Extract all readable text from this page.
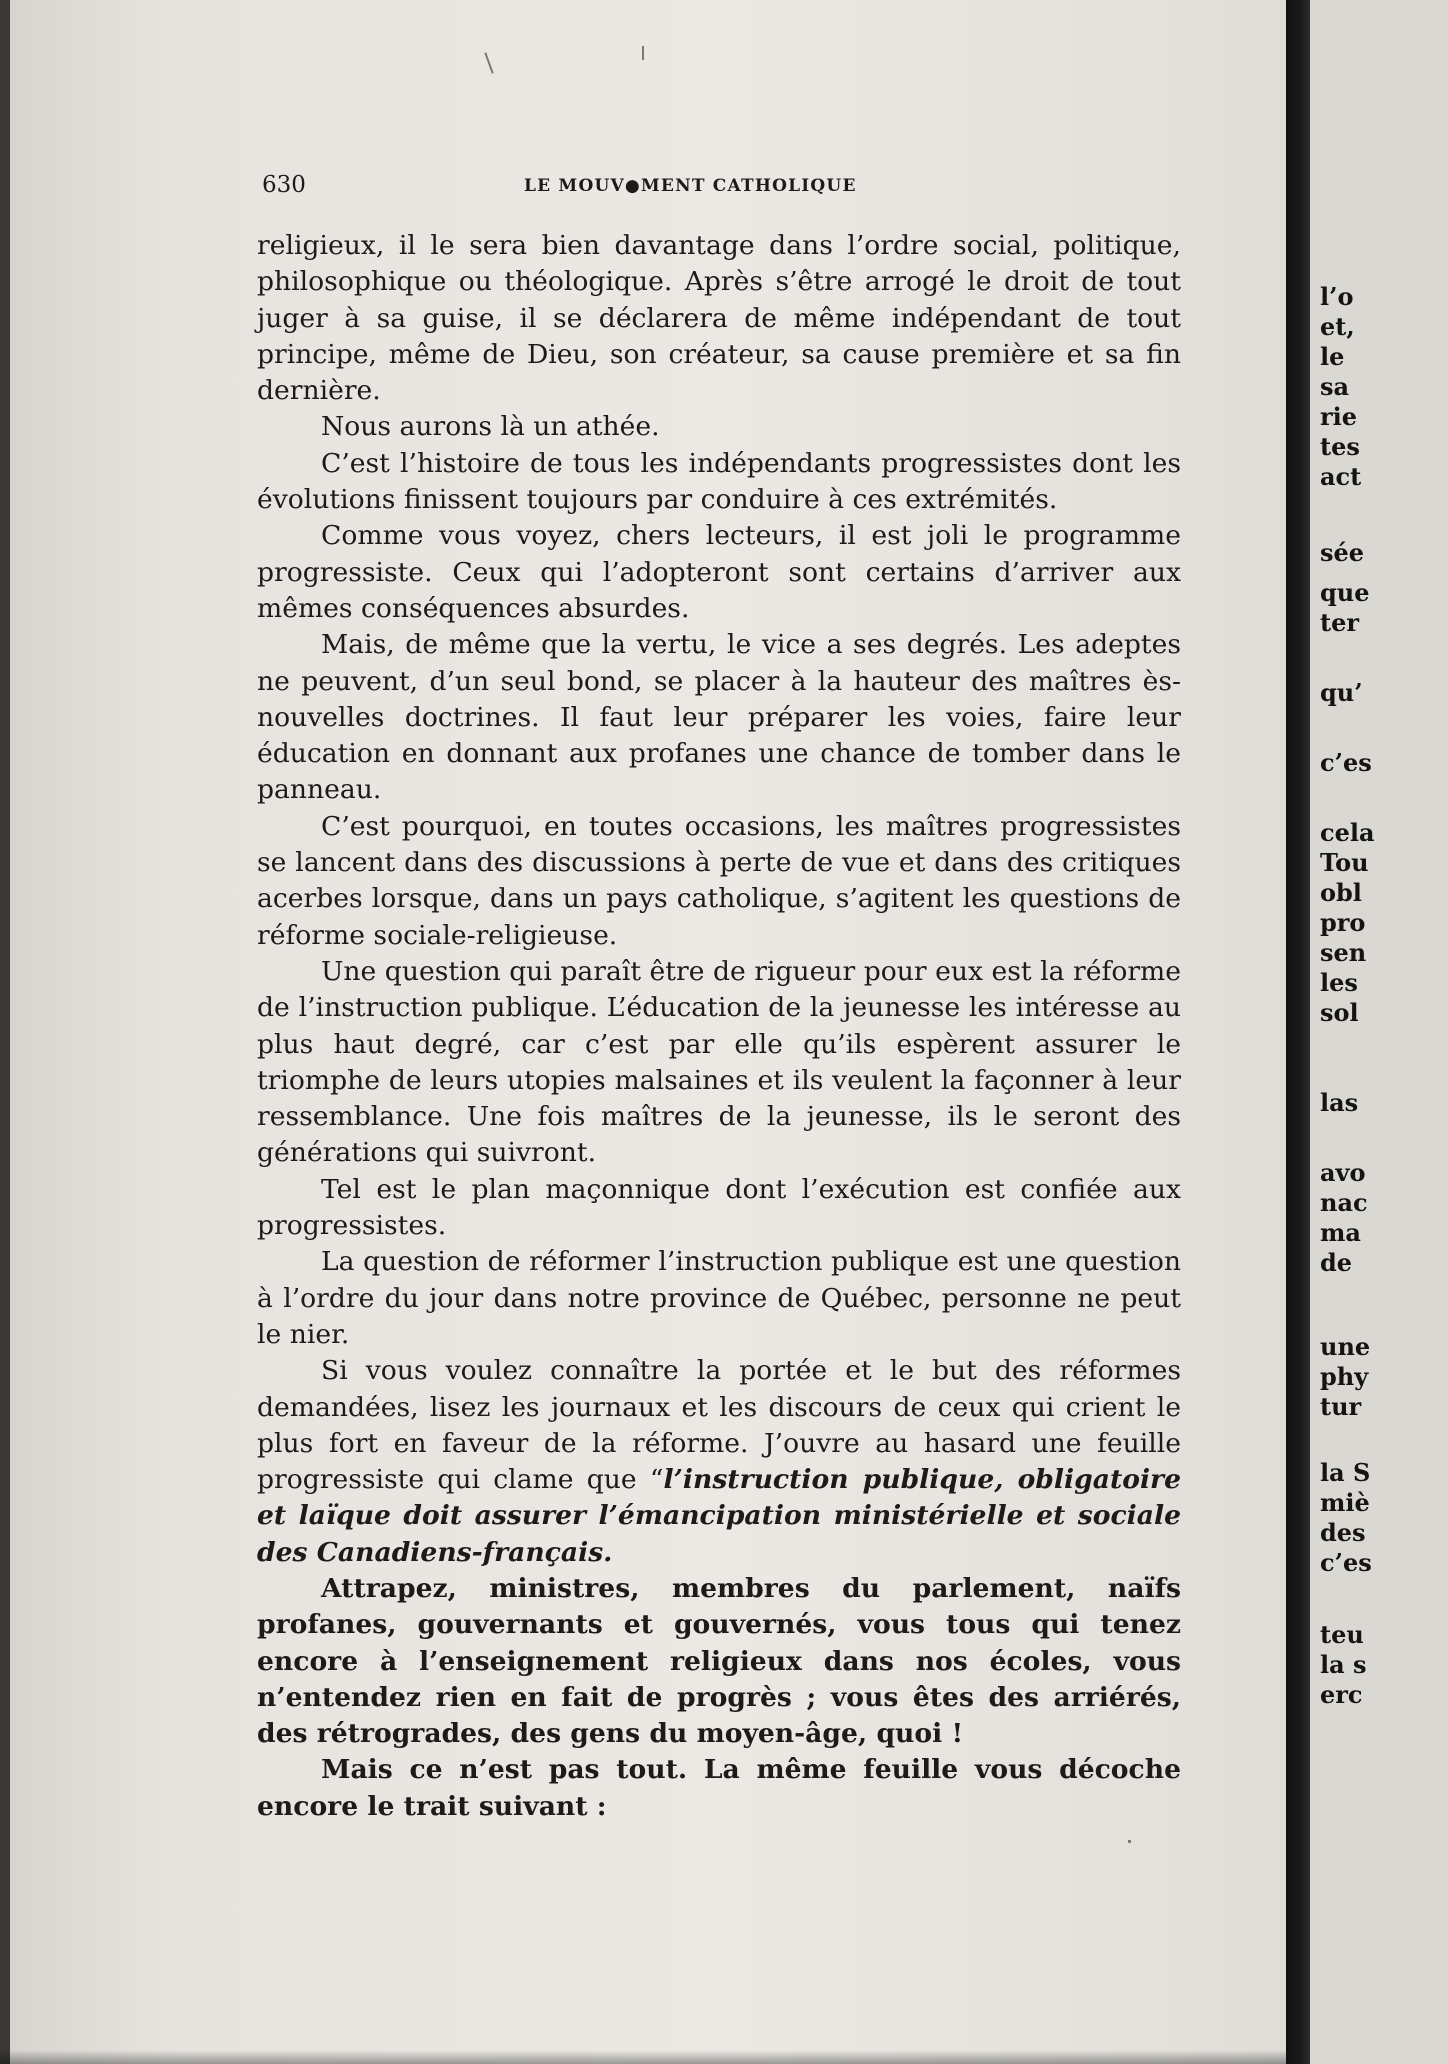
630	LE MOUV●MENT CATHOLIQUE

religieux, il le sera bien davantage dans l’ordre social, politique, philosophique ou théologique. Après s’être arrogé le droit de tout juger à sa guise, il se déclarera de même indépendant de tout principe, même de Dieu, son créateur, sa cause première et sa fin dernière.

Nous aurons là un athée.

C’est l’histoire de tous les indépendants progressistes dont les évolutions finissent toujours par conduire à ces extrémités.

Comme vous voyez, chers lecteurs, il est joli le programme progressiste. Ceux qui l’adopteront sont certains d’arriver aux mêmes conséquences absurdes.

Mais, de même que la vertu, le vice a ses degrés. Les adeptes ne peuvent, d’un seul bond, se placer à la hauteur des maîtres ès-nouvelles doctrines. Il faut leur préparer les voies, faire leur éducation en donnant aux profanes une chance de tomber dans le panneau.

C’est pourquoi, en toutes occasions, les maîtres progressistes se lancent dans des discussions à perte de vue et dans des critiques acerbes lorsque, dans un pays catholique, s’agitent les questions de réforme sociale-religieuse.

Une question qui paraît être de rigueur pour eux est la réforme de l’instruction publique. L’éducation de la jeunesse les intéresse au plus haut degré, car c’est par elle qu’ils espèrent assurer le triomphe de leurs utopies malsaines et ils veulent la façonner à leur ressemblance. Une fois maîtres de la jeunesse, ils le seront des générations qui suivront.

Tel est le plan maçonnique dont l’exécution est confiée aux progressistes.

La question de réformer l’instruction publique est une question à l’ordre du jour dans notre province de Québec, personne ne peut le nier.

Si vous voulez connaître la portée et le but des réformes demandées, lisez les journaux et les discours de ceux qui crient le plus fort en faveur de la réforme. J’ouvre au hasard une feuille progressiste qui clame que “l’instruction publique, obligatoire et laïque doit assurer l’émancipation ministérielle et sociale des Canadiens-français.

Attrapez, ministres, membres du parlement, naïfs profanes, gouvernants et gouvernés, vous tous qui tenez encore à l’enseignement religieux dans nos écoles, vous n’entendez rien en fait de progrès ; vous êtes des arriérés, des rétrogrades, des gens du moyen-âge, quoi !

Mais ce n’est pas tout. La même feuille vous décoche encore le trait suivant :

l’o
et,
le
sa
rie
tes
act
sée
que
ter
qu’
c’es
cela
Tou
obl
pro
sen
les
sol
las
avo
nac
ma
de
une
phy
tur
la S
miè
des
c’es
teu
la s
erc
